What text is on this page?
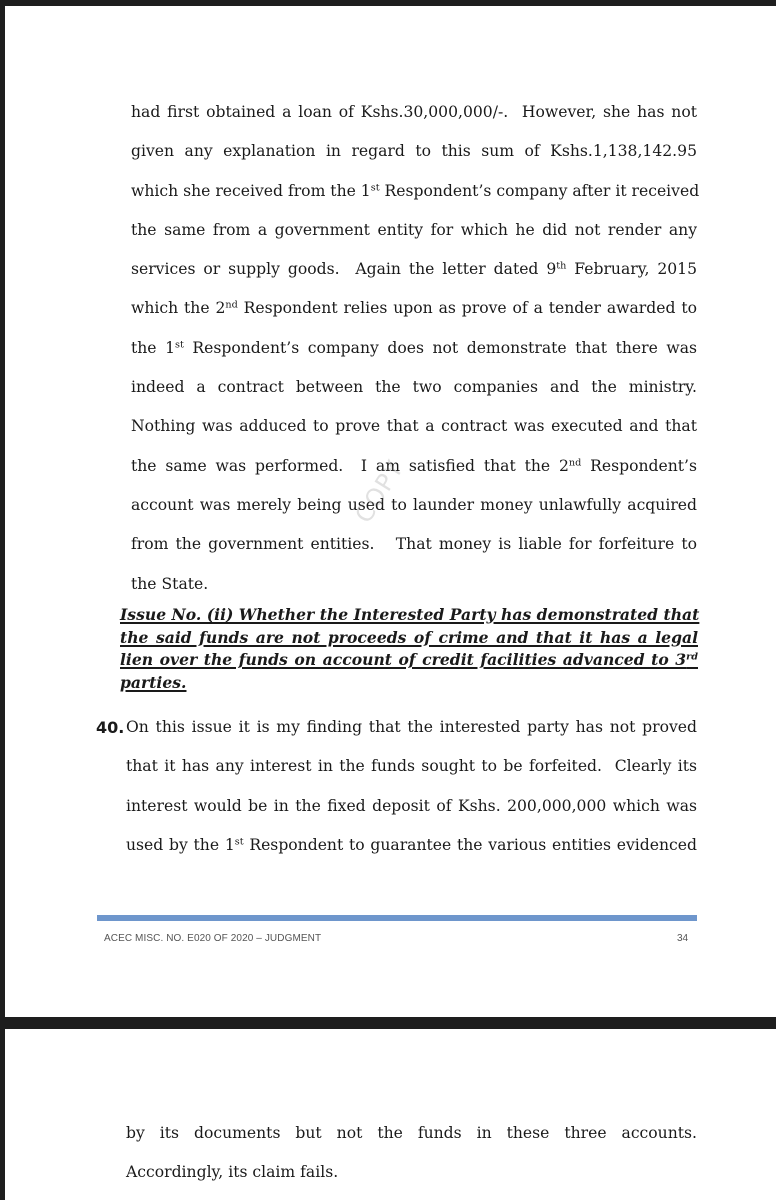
had first obtained a loan of Kshs.30,000,000/-.  However, she has not
given any explanation in regard to this sum of Kshs.1,138,142.95
which she received from the 1st Respondent’s company after it received
the same from a government entity for which he did not render any
services or supply goods.  Again the letter dated 9th February, 2015
which the 2nd Respondent relies upon as prove of a tender awarded to
the 1st Respondent’s company does not demonstrate that there was
indeed a contract between the two companies and the ministry.
Nothing was adduced to prove that a contract was executed and that
the same was performed.  I am satisfied that the 2nd Respondent’s
account was merely being used to launder money unlawfully acquired
from the government entities.   That money is liable for forfeiture to
the State.
COPY
Issue No. (ii) Whether the Interested Party has demonstrated that
the said funds are not proceeds of crime and that it has a legal
lien over the funds on account of credit facilities advanced to 3rd
parties.
40. On this issue it is my finding that the interested party has not proved
that it has any interest in the funds sought to be forfeited.  Clearly its
interest would be in the fixed deposit of Kshs. 200,000,000 which was
used by the 1st Respondent to guarantee the various entities evidenced
ACEC MISC. NO. E020 OF 2020 – JUDGMENT	34
by its documents but not the funds in these three accounts.
Accordingly, its claim fails.
